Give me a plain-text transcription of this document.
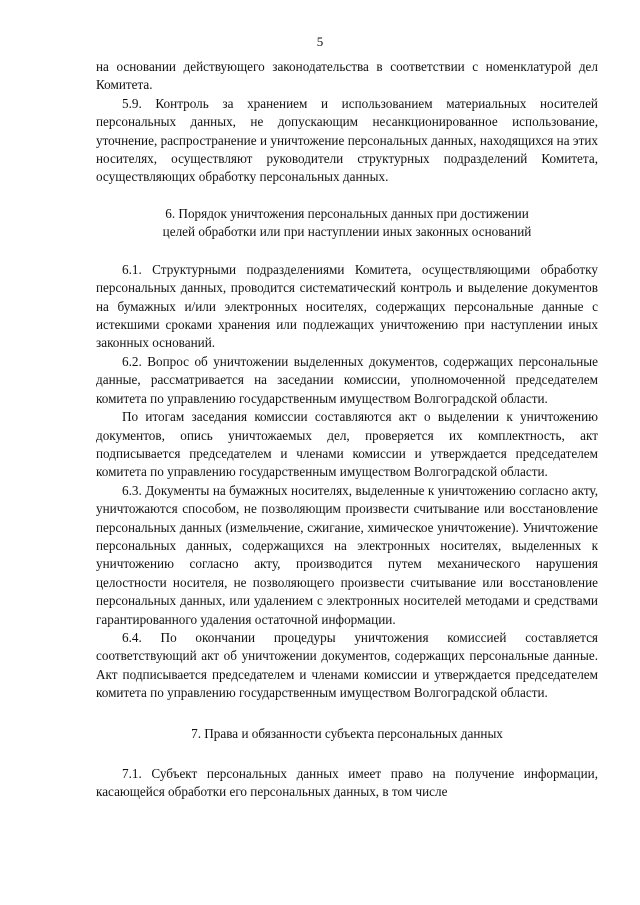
5

на основании действующего законодательства в соответствии с номенклатурой дел Комитета.

5.9. Контроль за хранением и использованием материальных носителей персональных данных, не допускающим несанкционированное использование, уточнение, распространение и уничтожение персональных данных, находящихся на этих носителях, осуществляют руководители структурных подразделений Комитета, осуществляющих обработку персональных данных.

6. Порядок уничтожения персональных данных при достижении
целей обработки или при наступлении иных законных оснований

6.1. Структурными подразделениями Комитета, осуществляющими обработку персональных данных, проводится систематический контроль и выделение документов на бумажных и/или электронных носителях, содержащих персональные данные с истекшими сроками хранения или подлежащих уничтожению при наступлении иных законных оснований.

6.2. Вопрос об уничтожении выделенных документов, содержащих персональные данные, рассматривается на заседании комиссии, уполномоченной председателем комитета по управлению государственным имуществом Волгоградской области.

По итогам заседания комиссии составляются акт о выделении к уничтожению документов, опись уничтожаемых дел, проверяется их комплектность, акт подписывается председателем и членами комиссии и утверждается председателем комитета по управлению государственным имуществом Волгоградской области.

6.3. Документы на бумажных носителях, выделенные к уничтожению согласно акту, уничтожаются способом, не позволяющим произвести считывание или восстановление персональных данных (измельчение, сжигание, химическое уничтожение). Уничтожение персональных данных, содержащихся на электронных носителях, выделенных к уничтожению согласно акту, производится путем механического нарушения целостности носителя, не позволяющего произвести считывание или восстановление персональных данных, или удалением с электронных носителей методами и средствами гарантированного удаления остаточной информации.

6.4. По окончании процедуры уничтожения комиссией составляется соответствующий акт об уничтожении документов, содержащих персональные данные. Акт подписывается председателем и членами комиссии и утверждается председателем комитета по управлению государственным имуществом Волгоградской области.

7. Права и обязанности субъекта персональных данных

7.1. Субъект персональных данных имеет право на получение информации, касающейся обработки его персональных данных, в том числе
